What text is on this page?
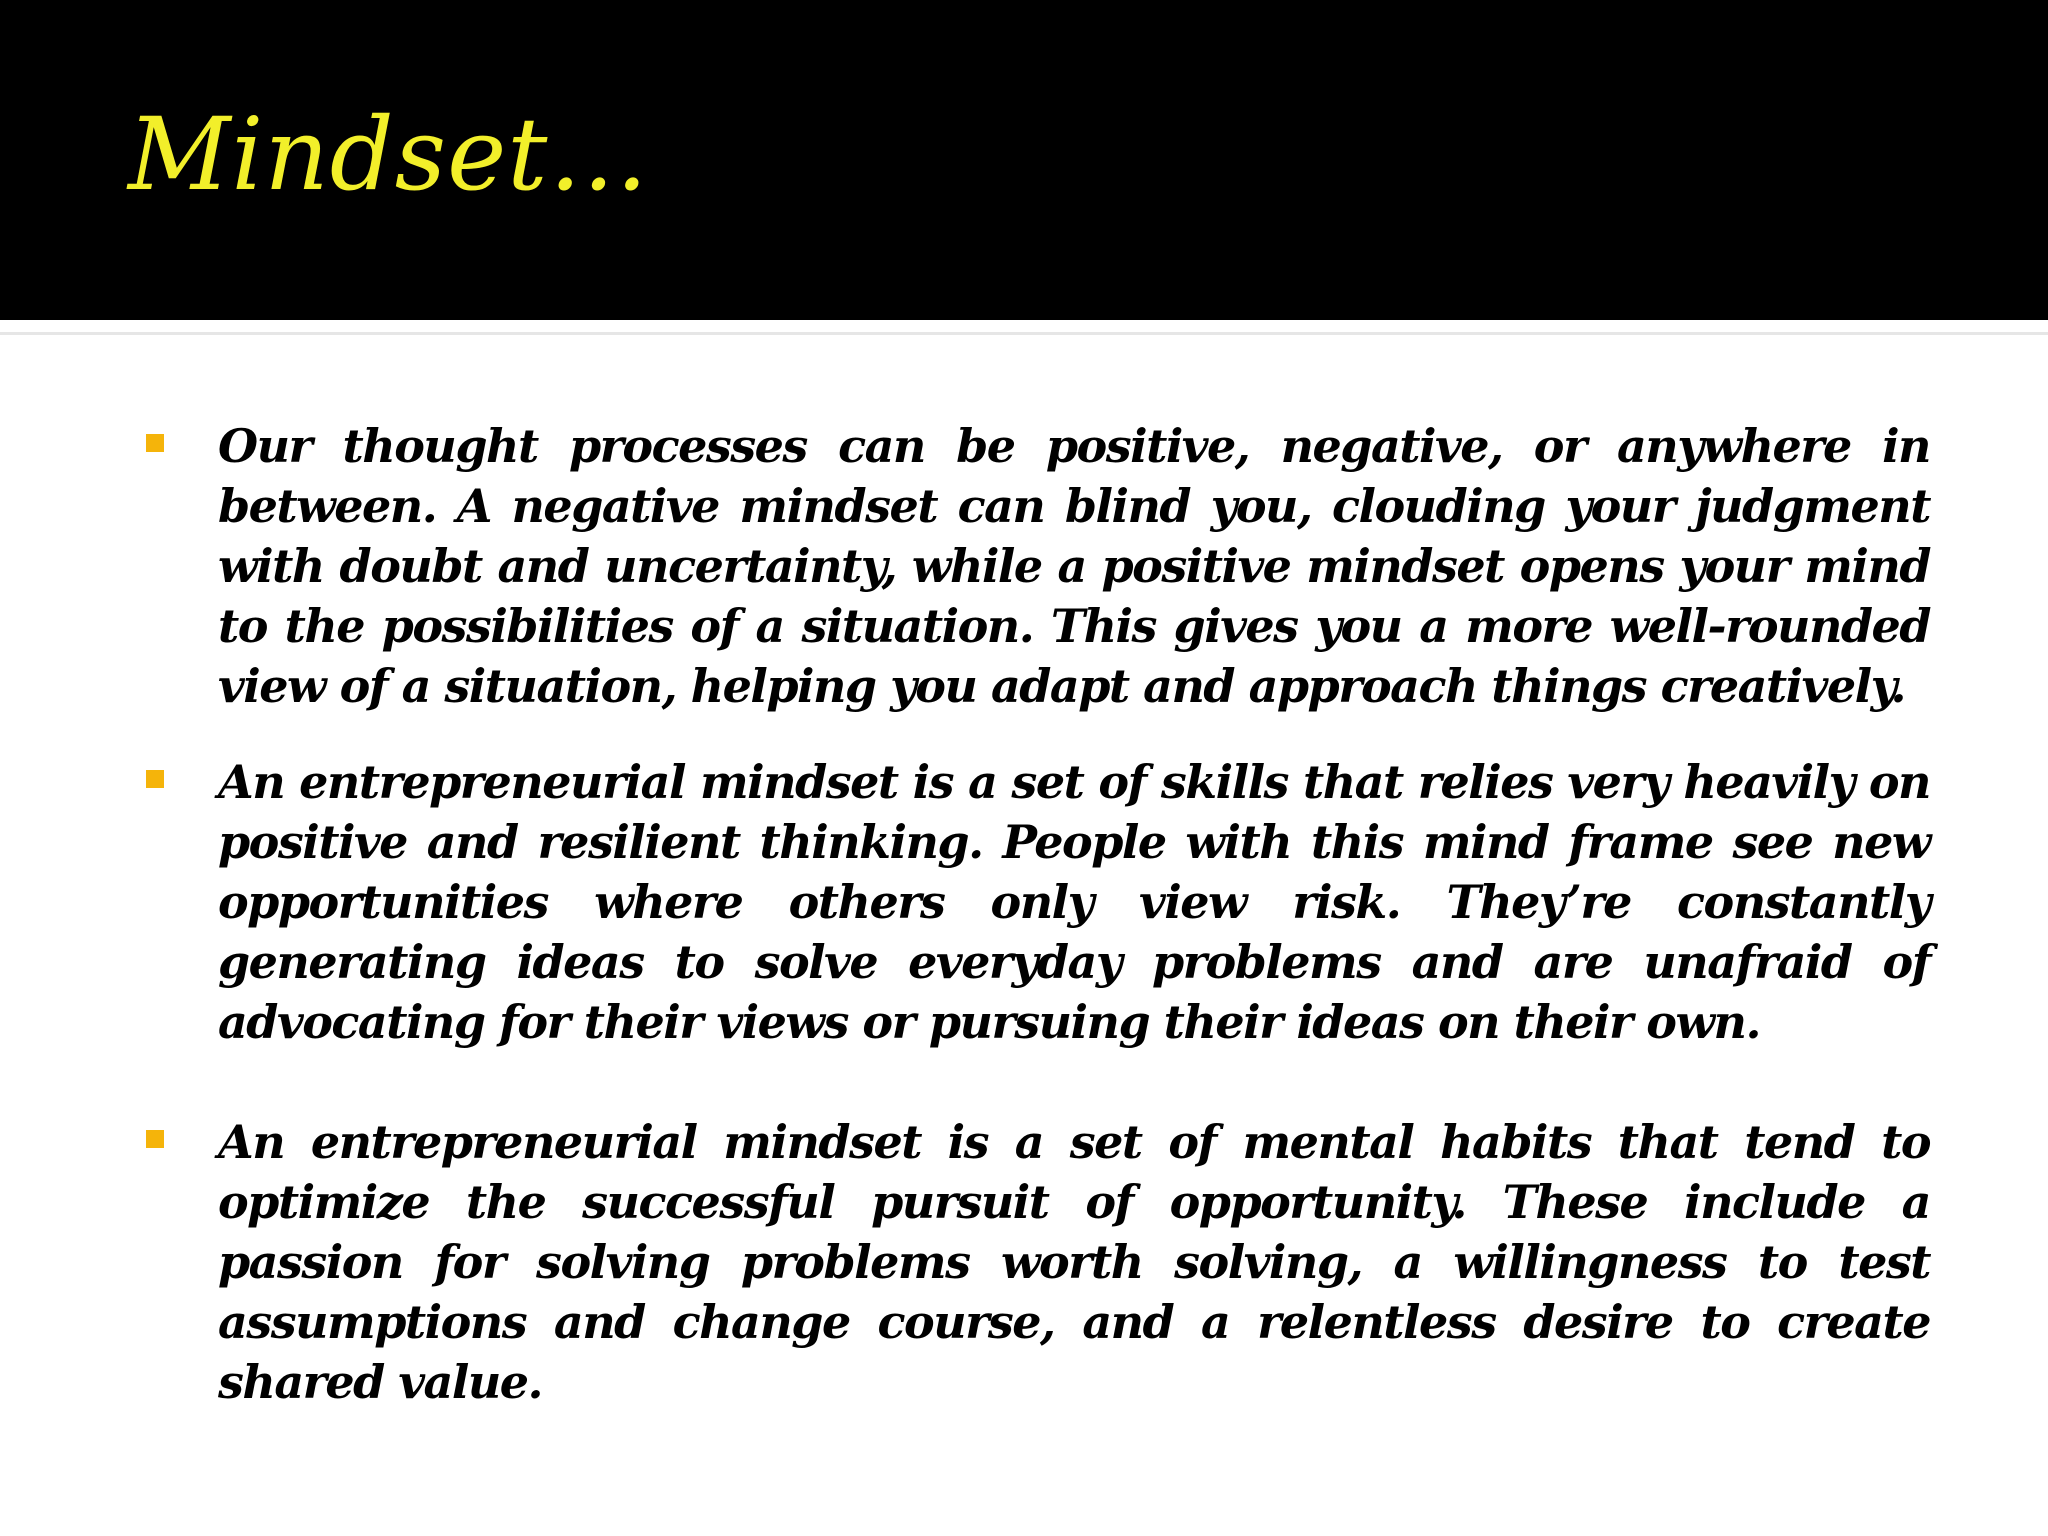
Mindset…

Our thought processes can be positive, negative, or anywhere in between. A negative mindset can blind you, clouding your judgment with doubt and uncertainty, while a positive mindset opens your mind to the possibilities of a situation. This gives you a more well-rounded view of a situation, helping you adapt and approach things creatively.

An entrepreneurial mindset is a set of skills that relies very heavily on positive and resilient thinking. People with this mind frame see new opportunities where others only view risk. They’re constantly generating ideas to solve everyday problems and are unafraid of advocating for their views or pursuing their ideas on their own.

An entrepreneurial mindset is a set of mental habits that tend to optimize the successful pursuit of opportunity. These include a passion for solving problems worth solving, a willingness to test assumptions and change course, and a relentless desire to create shared value.
